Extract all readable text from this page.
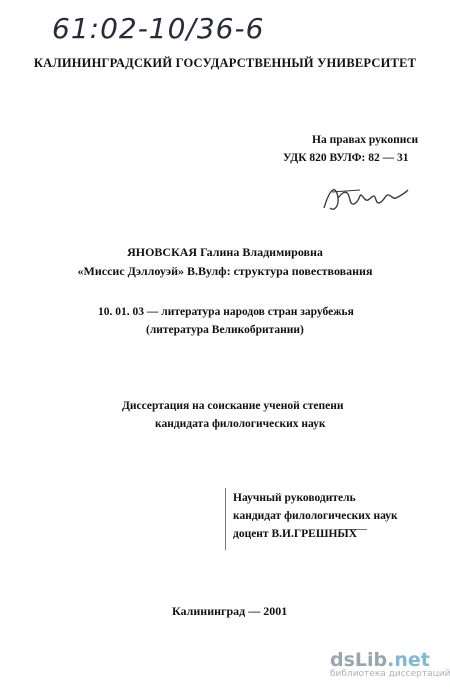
61:02-10/36-6
КАЛИНИНГРАДСКИЙ ГОСУДАРСТВЕННЫЙ УНИВЕРСИТЕТ
На правах рукописи
УДК 820 ВУЛФ: 82 — 31
ЯНОВСКАЯ Галина Владимировна
«Миссис Дэллоуэй» В.Вулф: структура повествования
10. 01. 03 — литература народов стран зарубежья
(литература Великобритании)
Диссертация на соискание ученой степени
кандидата филологических наук
Научный руководитель
кандидат филологических наук
доцент В.И.ГРЕШНЫХ
Калининград — 2001
dsLib.net
библиотека диссертаций
